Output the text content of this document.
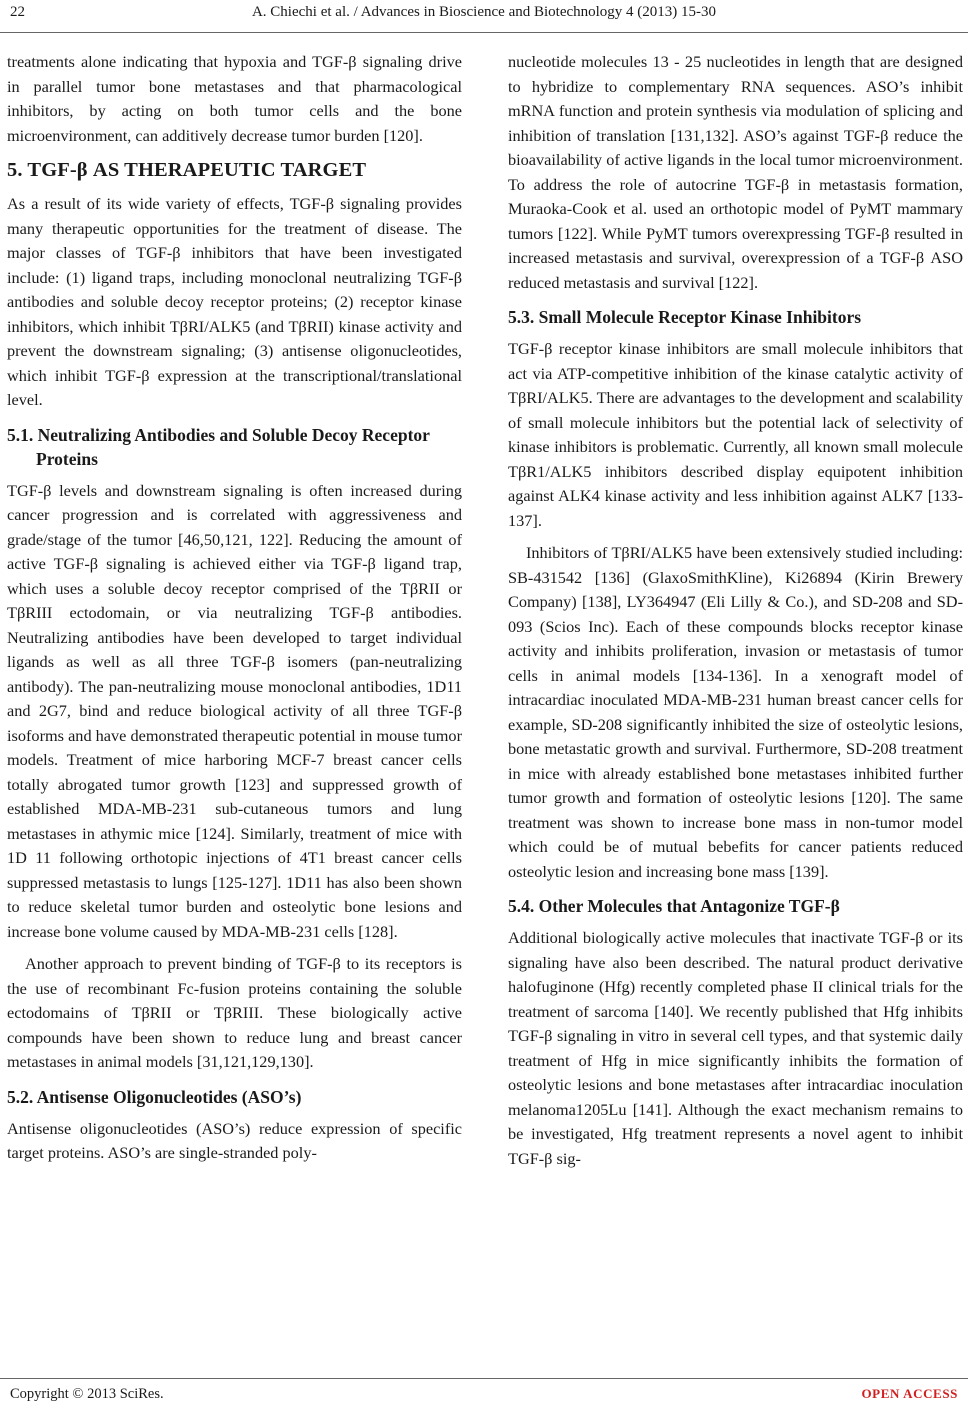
22	A. Chiechi et al. / Advances in Bioscience and Biotechnology 4 (2013) 15-30

treatments alone indicating that hypoxia and TGF-β signaling drive in parallel tumor bone metastases and that pharmacological inhibitors, by acting on both tumor cells and the bone microenvironment, can additively decrease tumor burden [120].

5. TGF-β AS THERAPEUTIC TARGET

As a result of its wide variety of effects, TGF-β signaling provides many therapeutic opportunities for the treatment of disease. The major classes of TGF-β inhibitors that have been investigated include: (1) ligand traps, including monoclonal neutralizing TGF-β antibodies and soluble decoy receptor proteins; (2) receptor kinase inhibitors, which inhibit TβRI/ALK5 (and TβRII) kinase activity and prevent the downstream signaling; (3) antisense oligonucleotides, which inhibit TGF-β expression at the transcriptional/translational level.

5.1. Neutralizing Antibodies and Soluble Decoy Receptor Proteins

TGF-β levels and downstream signaling is often increased during cancer progression and is correlated with aggressiveness and grade/stage of the tumor [46,50,121, 122]. Reducing the amount of active TGF-β signaling is achieved either via TGF-β ligand trap, which uses a soluble decoy receptor comprised of the TβRII or TβRIII ectodomain, or via neutralizing TGF-β antibodies. Neutralizing antibodies have been developed to target individual ligands as well as all three TGF-β isomers (pan-neutralizing antibody). The pan-neutralizing mouse monoclonal antibodies, 1D11 and 2G7, bind and reduce biological activity of all three TGF-β isoforms and have demonstrated therapeutic potential in mouse tumor models. Treatment of mice harboring MCF-7 breast cancer cells totally abrogated tumor growth [123] and suppressed growth of established MDA-MB-231 sub-cutaneous tumors and lung metastases in athymic mice [124]. Similarly, treatment of mice with 1D 11 following orthotopic injections of 4T1 breast cancer cells suppressed metastasis to lungs [125-127]. 1D11 has also been shown to reduce skeletal tumor burden and osteolytic bone lesions and increase bone volume caused by MDA-MB-231 cells [128].

Another approach to prevent binding of TGF-β to its receptors is the use of recombinant Fc-fusion proteins containing the soluble ectodomains of TβRII or TβRIII. These biologically active compounds have been shown to reduce lung and breast cancer metastases in animal models [31,121,129,130].

5.2. Antisense Oligonucleotides (ASO’s)

Antisense oligonucleotides (ASO’s) reduce expression of specific target proteins. ASO’s are single-stranded poly-

nucleotide molecules 13 - 25 nucleotides in length that are designed to hybridize to complementary RNA sequences. ASO’s inhibit mRNA function and protein synthesis via modulation of splicing and inhibition of translation [131,132]. ASO’s against TGF-β reduce the bioavailability of active ligands in the local tumor microenvironment. To address the role of autocrine TGF-β in metastasis formation, Muraoka-Cook et al. used an orthotopic model of PyMT mammary tumors [122]. While PyMT tumors overexpressing TGF-β resulted in increased metastasis and survival, overexpression of a TGF-β ASO reduced metastasis and survival [122].

5.3. Small Molecule Receptor Kinase Inhibitors

TGF-β receptor kinase inhibitors are small molecule inhibitors that act via ATP-competitive inhibition of the kinase catalytic activity of TβRI/ALK5. There are advantages to the development and scalability of small molecule inhibitors but the potential lack of selectivity of kinase inhibitors is problematic. Currently, all known small molecule TβR1/ALK5 inhibitors described display equipotent inhibition against ALK4 kinase activity and less inhibition against ALK7 [133-137].

Inhibitors of TβRI/ALK5 have been extensively studied including: SB-431542 [136] (GlaxoSmithKline), Ki26894 (Kirin Brewery Company) [138], LY364947 (Eli Lilly & Co.), and SD-208 and SD-093 (Scios Inc). Each of these compounds blocks receptor kinase activity and inhibits proliferation, invasion or metastasis of tumor cells in animal models [134-136]. In a xenograft model of intracardiac inoculated MDA-MB-231 human breast cancer cells for example, SD-208 significantly inhibited the size of osteolytic lesions, bone metastatic growth and survival. Furthermore, SD-208 treatment in mice with already established bone metastases inhibited further tumor growth and formation of osteolytic lesions [120]. The same treatment was shown to increase bone mass in non-tumor model which could be of mutual bebefits for cancer patients reduced osteolytic lesion and increasing bone mass [139].

5.4. Other Molecules that Antagonize TGF-β

Additional biologically active molecules that inactivate TGF-β or its signaling have also been described. The natural product derivative halofuginone (Hfg) recently completed phase II clinical trials for the treatment of sarcoma [140]. We recently published that Hfg inhibits TGF-β signaling in vitro in several cell types, and that systemic daily treatment of Hfg in mice significantly inhibits the formation of osteolytic lesions and bone metastases after intracardiac inoculation melanoma1205Lu [141]. Although the exact mechanism remains to be investigated, Hfg treatment represents a novel agent to inhibit TGF-β sig-

Copyright © 2013 SciRes.	OPEN ACCESS
